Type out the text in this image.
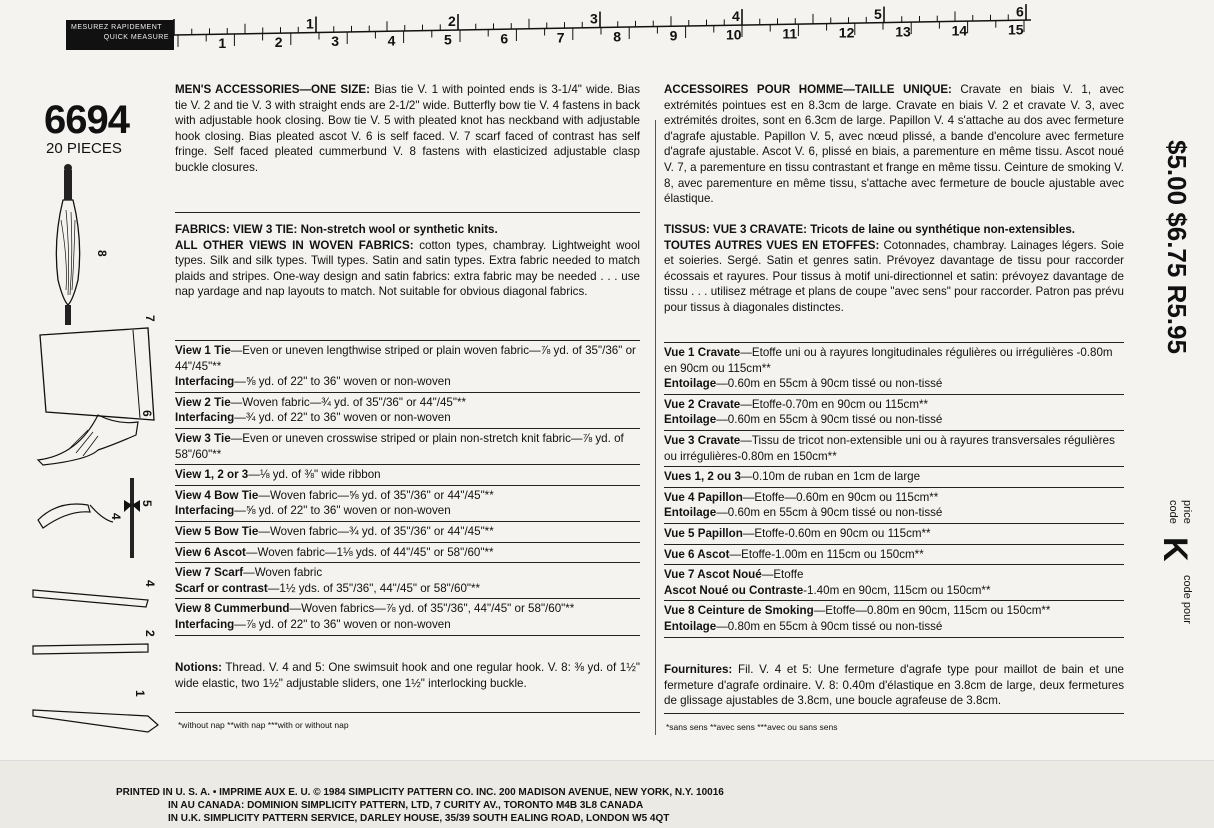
1	2	3	4	5	6
1	2	3	4	5	6	7	8	9	10	11	12	13	14	15
MESUREZ RAPIDEMENT
QUICK MEASURE
6694
20 PIECES
8
7
6
5
4
4
2
1

MEN'S ACCESSORIES—ONE SIZE: Bias tie V. 1 with pointed ends is 3-1/4" wide. Bias tie V. 2 and tie V. 3 with straight ends are 2-1/2" wide. Butterfly bow tie V. 4 fastens in back with adjustable hook closing. Bow tie V. 5 with pleated knot has neckband with adjustable hook closing. Bias pleated ascot V. 6 is self faced. V. 7 scarf faced of contrast has self fringe. Self faced pleated cummerbund V. 8 fastens with elasticized adjustable clasp buckle closures.

FABRICS: VIEW 3 TIE: Non-stretch wool or synthetic knits.
ALL OTHER VIEWS IN WOVEN FABRICS: cotton types, chambray. Lightweight wool types. Silk and silk types. Twill types. Satin and satin types. Extra fabric needed to match plaids and stripes. One-way design and satin fabrics: extra fabric may be needed . . . use nap yardage and nap layouts to match. Not suitable for obvious diagonal fabrics.

View 1 Tie—Even or uneven lengthwise striped or plain woven fabric—⅞ yd. of 35"/36" or 44"/45"**
Interfacing—⅝ yd. of 22" to 36" woven or non-woven
View 2 Tie—Woven fabric—¾ yd. of 35"/36" or 44"/45"**
Interfacing—¾ yd. of 22" to 36" woven or non-woven
View 3 Tie—Even or uneven crosswise striped or plain non-stretch knit fabric—⅞ yd. of 58"/60"**
View 1, 2 or 3—⅛ yd. of ⅜" wide ribbon
View 4 Bow Tie—Woven fabric—⅝ yd. of 35"/36" or 44"/45"**
Interfacing—⅝ yd. of 22" to 36" woven or non-woven
View 5 Bow Tie—Woven fabric—¾ yd. of 35"/36" or 44"/45"**
View 6 Ascot—Woven fabric—1⅛ yds. of 44"/45" or 58"/60"**
View 7 Scarf—Woven fabric
Scarf or contrast—1½ yds. of 35"/36", 44"/45" or 58"/60"**
View 8 Cummerbund—Woven fabrics—⅞ yd. of 35"/36", 44"/45" or 58"/60"**
Interfacing—⅞ yd. of 22" to 36" woven or non-woven

Notions: Thread. V. 4 and 5: One swimsuit hook and one regular hook. V. 8: ⅜ yd. of 1½" wide elastic, two 1½" adjustable sliders, one 1½" interlocking buckle.

*without nap **with nap ***with or without nap

ACCESSOIRES POUR HOMME—TAILLE UNIQUE: Cravate en biais V. 1, avec extrémités pointues est en 8.3cm de large. Cravate en biais V. 2 et cravate V. 3, avec extrémités droites, sont en 6.3cm de large. Papillon V. 4 s'attache au dos avec fermeture d'agrafe ajustable. Papillon V. 5, avec nœud plissé, a bande d'encolure avec fermeture d'agrafe ajustable. Ascot V. 6, plissé en biais, a parementure en même tissu. Ascot noué V. 7, a parementure en tissu contrastant et frange en même tissu. Ceinture de smoking V. 8, avec parementure en même tissu, s'attache avec fermeture de boucle ajustable avec élastique.

TISSUS: VUE 3 CRAVATE: Tricots de laine ou synthétique non-extensibles.
TOUTES AUTRES VUES EN ETOFFES: Cotonnades, chambray. Lainages légers. Soie et soieries. Sergé. Satin et genres satin. Prévoyez davantage de tissu pour raccorder écossais et rayures. Pour tissus à motif uni-directionnel et satin: prévoyez davantage de tissu . . . utilisez métrage et plans de coupe "avec sens" pour raccorder. Patron pas prévu pour tissus à diagonales distinctes.

Vue 1 Cravate—Etoffe uni ou à rayures longitudinales régulières ou irrégulières -0.80m en 90cm ou 115cm**
Entoilage—0.60m en 55cm à 90cm tissé ou non-tissé
Vue 2 Cravate—Etoffe-0.70m en 90cm ou 115cm**
Entoilage—0.60m en 55cm à 90cm tissé ou non-tissé
Vue 3 Cravate—Tissu de tricot non-extensible uni ou à rayures transversales régulières ou irrégulières-0.80m en 150cm**
Vues 1, 2 ou 3—0.10m de ruban en 1cm de large
Vue 4 Papillon—Etoffe—0.60m en 90cm ou 115cm**
Entoilage—0.60m en 55cm à 90cm tissé ou non-tissé
Vue 5 Papillon—Etoffe-0.60m en 90cm ou 115cm**
Vue 6 Ascot—Etoffe-1.00m en 115cm ou 150cm**
Vue 7 Ascot Noué—Etoffe
Ascot Noué ou Contraste-1.40m en 90cm, 115cm ou 150cm**
Vue 8 Ceinture de Smoking—Etoffe—0.80m en 90cm, 115cm ou 150cm**
Entoilage—0.80m en 55cm à 90cm tissé ou non-tissé

Fournitures: Fil. V. 4 et 5: Une fermeture d'agrafe type pour maillot de bain et une fermeture d'agrafe ordinaire. V. 8: 0.40m d'élastique en 3.8cm de large, deux fermetures de glissage ajustables de 3.8cm, une boucle agrafeuse de 3.8cm.

*sans sens **avec sens ***avec ou sans sens
$5.00 $6.75 R5.95
price
code
K
code pour
PRINTED IN U. S. A. • IMPRIME AUX E. U. © 1984 SIMPLICITY PATTERN CO. INC. 200 MADISON AVENUE, NEW YORK, N.Y. 10016
IN AU CANADA: DOMINION SIMPLICITY PATTERN, LTD, 7 CURITY AV., TORONTO M4B 3L8 CANADA
